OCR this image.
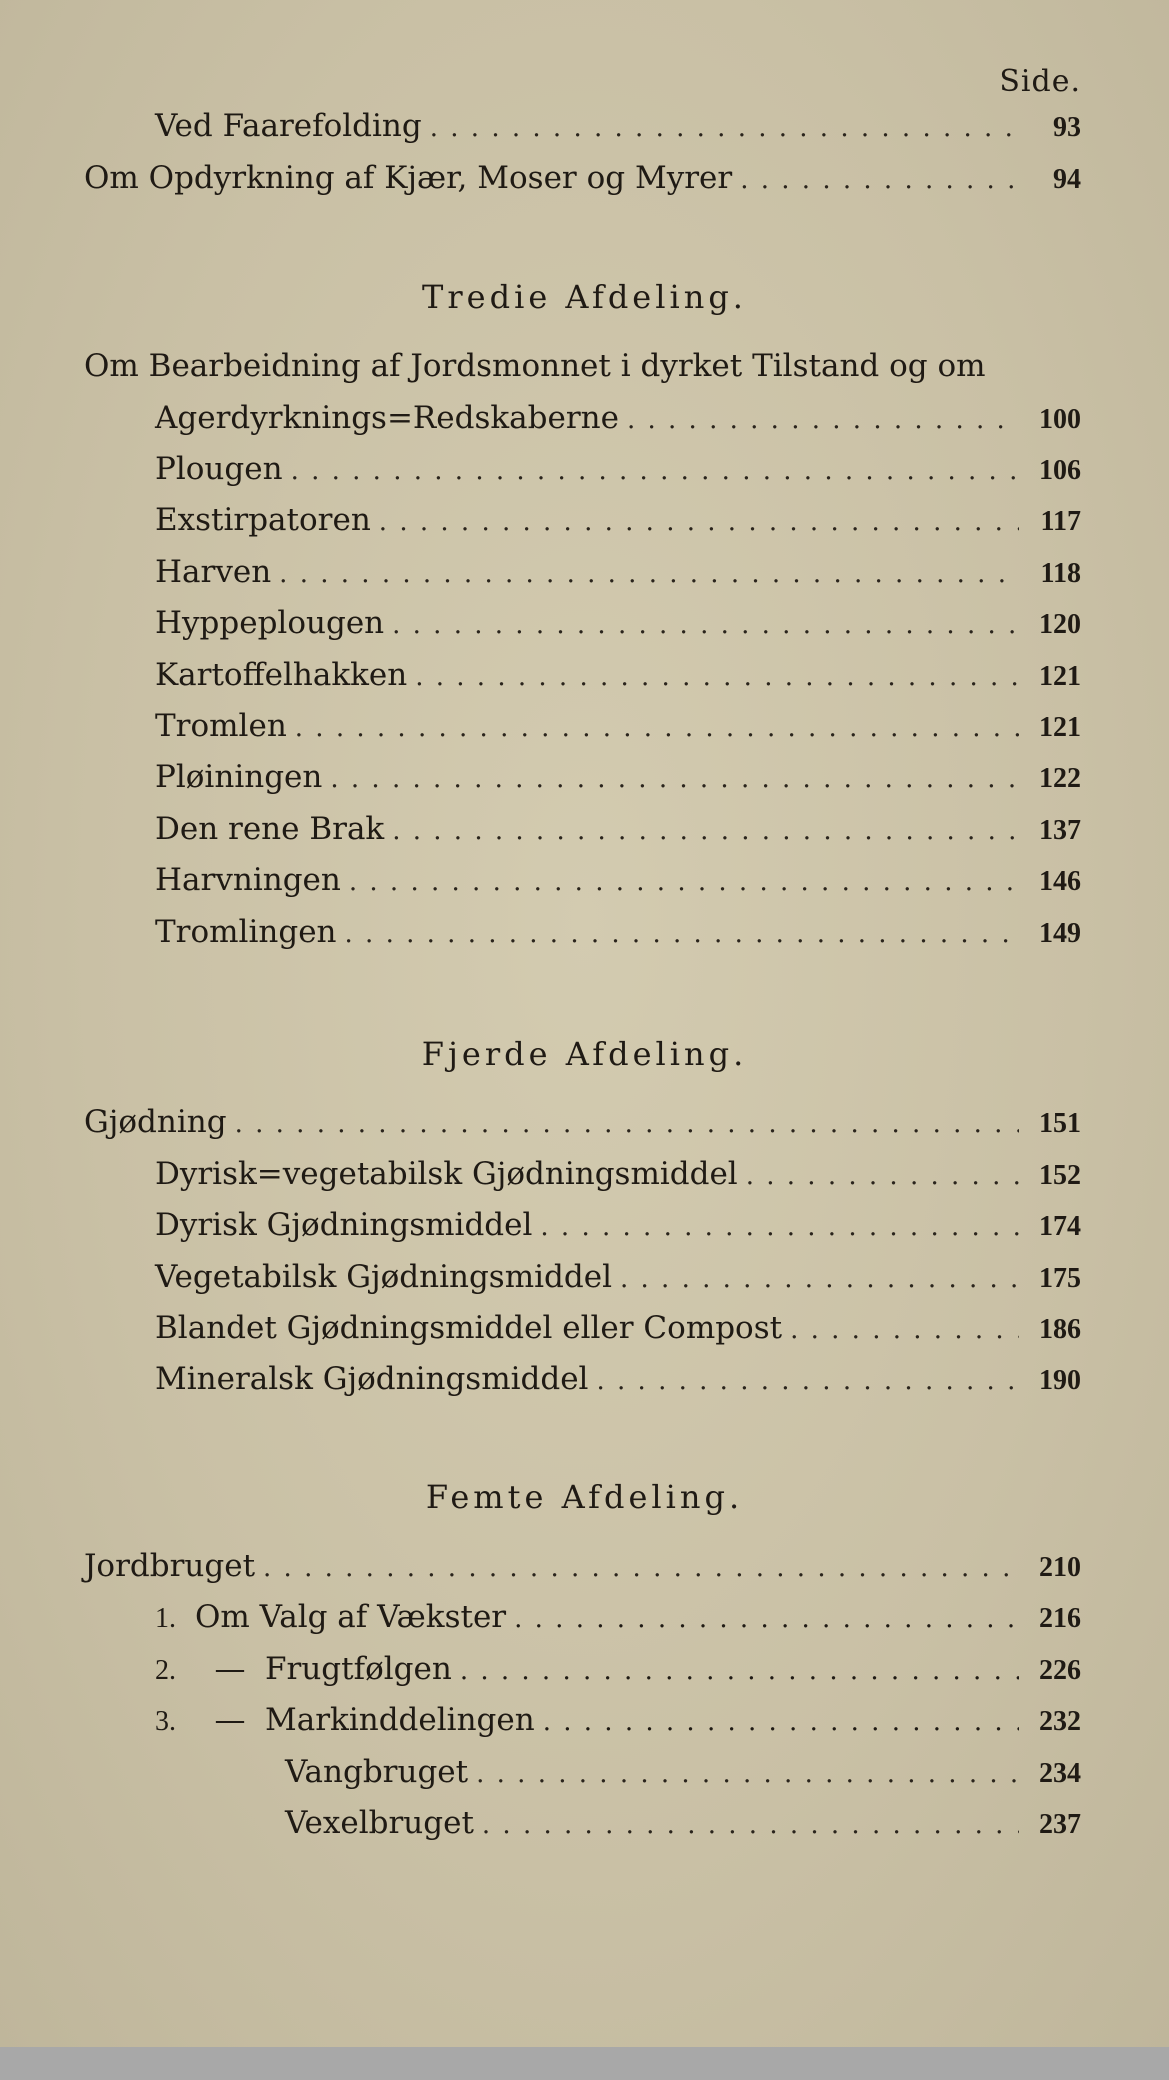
Side.
Ved Faarefolding . . .	93
Om Opdyrkning af Kjær, Moser og Myrer . . .	94
Tredie Afdeling.
Om Bearbeidning af Jordsmonnet i dyrket Tilstand og om
Agerdyrknings=Redskaberne . . .	100
Plougen . . .	106
Exstirpatoren . . .	117
Harven . . .	118
Hyppeplougen . . .	120
Kartoffelhakken . . .	121
Tromlen . . .	121
Pløiningen . . .	122
Den rene Brak . . .	137
Harvningen . . .	146
Tromlingen . . .	149
Fjerde Afdeling.
Gjødning . . .	151
Dyrisk=vegetabilsk Gjødningsmiddel . . .	152
Dyrisk Gjødningsmiddel . . .	174
Vegetabilsk Gjødningsmiddel . . .	175
Blandet Gjødningsmiddel eller Compost . . .	186
Mineralsk Gjødningsmiddel . . .	190
Femte Afdeling.
Jordbruget . . .	210
1. Om Valg af Vækster . . .	216
2.	— Frugtfølgen . . .	226
3.	— Markinddelingen . . .	232
Vangbruget . . .	234
Vexelbruget . . .	237
